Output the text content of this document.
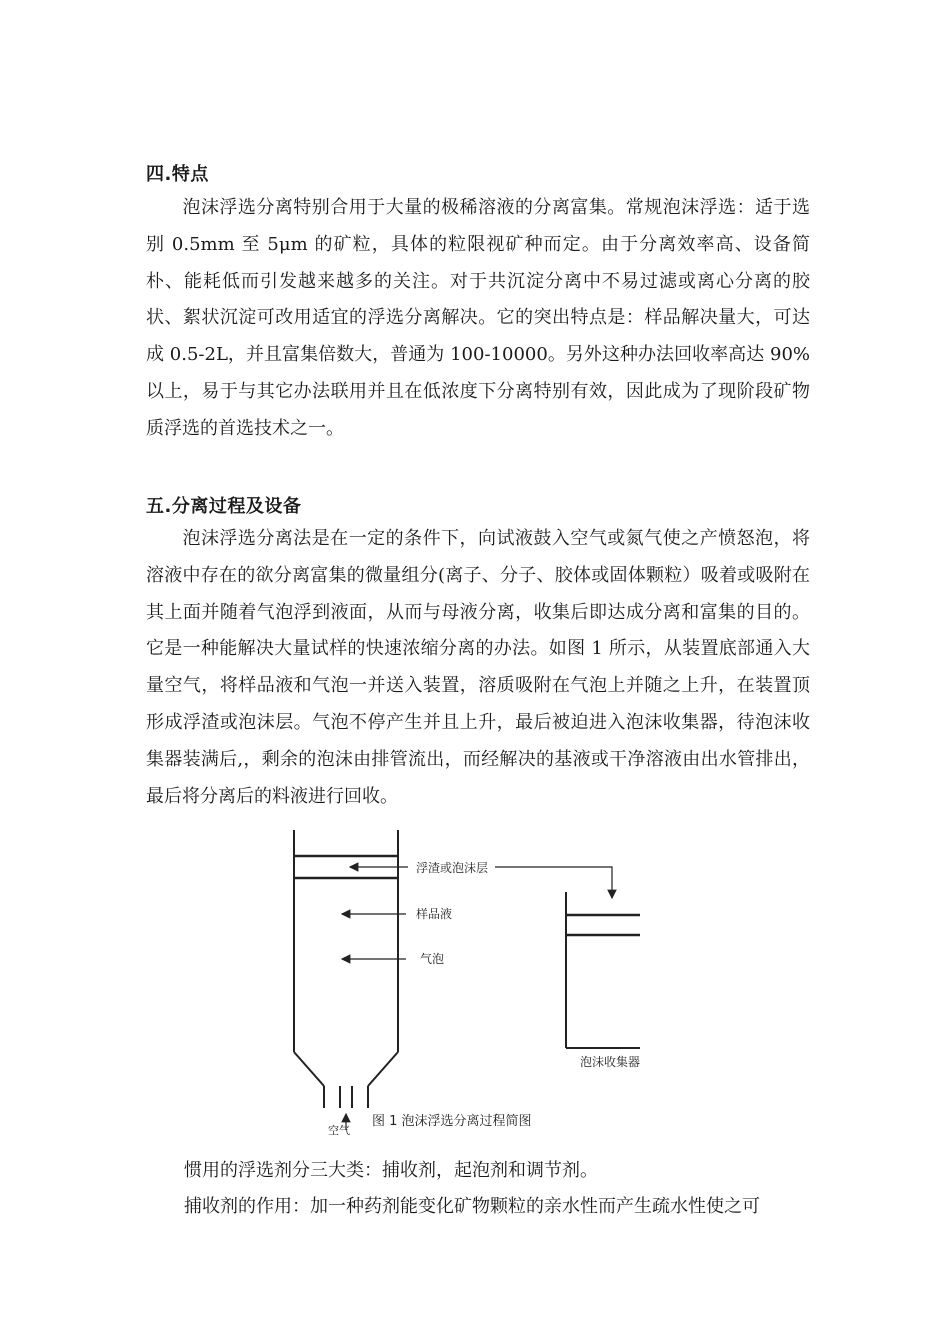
四.特点

泡沫浮选分离特别合用于大量的极稀溶液的分离富集。常规泡沫浮选：适于选别 0.5mm 至 5μm 的矿粒，具体的粒限视矿种而定。由于分离效率高、设备简朴、能耗低而引发越来越多的关注。对于共沉淀分离中不易过滤或离心分离的胶状、絮状沉淀可改用适宜的浮选分离解决。它的突出特点是：样品解决量大，可达成 0.5-2L，并且富集倍数大，普通为 100-10000。另外这种办法回收率高达 90%以上，易于与其它办法联用并且在低浓度下分离特别有效，因此成为了现阶段矿物质浮选的首选技术之一。

五.分离过程及设备

泡沫浮选分离法是在一定的条件下，向试液鼓入空气或氮气使之产愤怒泡，将溶液中存在的欲分离富集的微量组分(离子、分子、胶体或固体颗粒）吸着或吸附在其上面并随着气泡浮到液面，从而与母液分离，收集后即达成分离和富集的目的。它是一种能解决大量试样的快速浓缩分离的办法。如图 1 所示，从装置底部通入大量空气，将样品液和气泡一并送入装置，溶质吸附在气泡上并随之上升，在装置顶形成浮渣或泡沫层。气泡不停产生并且上升，最后被迫进入泡沫收集器，待泡沫收集器装满后,，剩余的泡沫由排管流出，而经解决的基液或干净溶液由出水管排出，最后将分离后的料液进行回收。

浮渣或泡沫层
样品液
气泡
泡沫收集器
空气
图 1 泡沫浮选分离过程简图
惯用的浮选剂分三大类：捕收剂，起泡剂和调节剂。
捕收剂的作用：加一种药剂能变化矿物颗粒的亲水性而产生疏水性使之可
